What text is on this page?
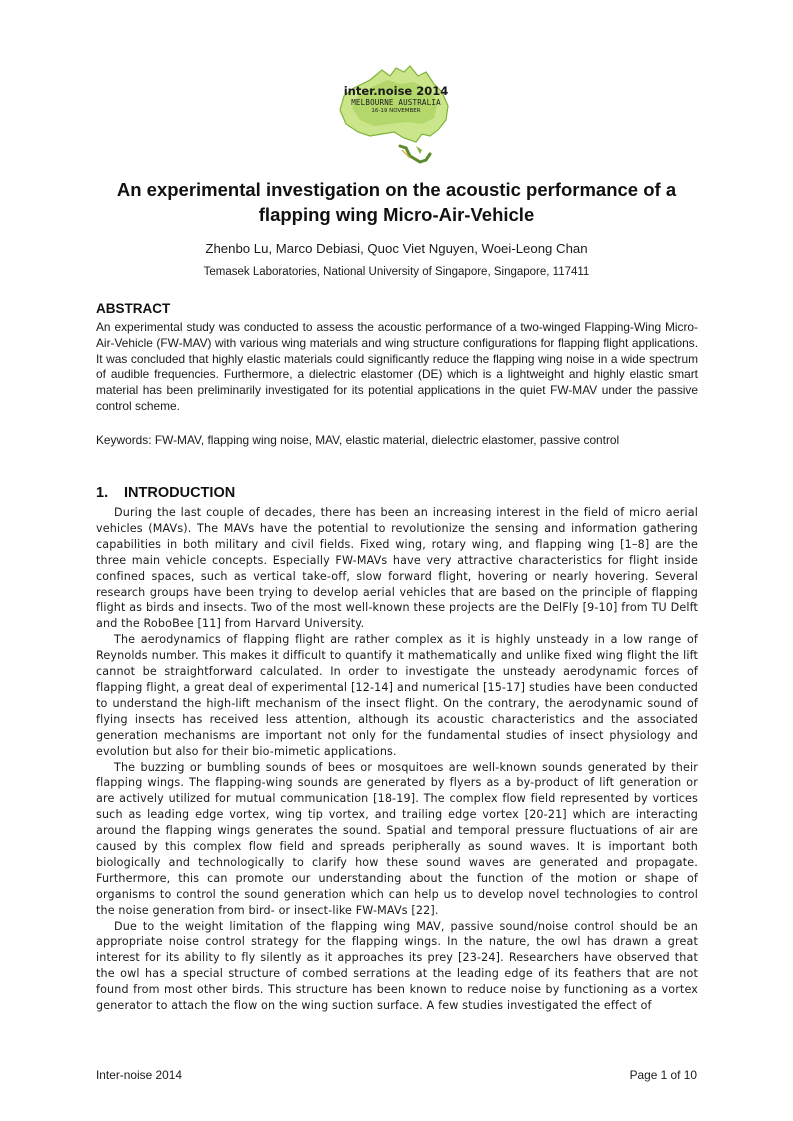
inter.noise 2014
MELBOURNE AUSTRALIA
16-19 NOVEMBER
An experimental investigation on the acoustic performance of a
flapping wing Micro-Air-Vehicle
Zhenbo Lu, Marco Debiasi, Quoc Viet Nguyen, Woei-Leong Chan
Temasek Laboratories, National University of Singapore, Singapore, 117411
ABSTRACT
An experimental study was conducted to assess the acoustic performance of a two-winged Flapping-Wing Micro-Air-Vehicle (FW-MAV) with various wing materials and wing structure configurations for flapping flight applications. It was concluded that highly elastic materials could significantly reduce the flapping wing noise in a wide spectrum of audible frequencies. Furthermore, a dielectric elastomer (DE) which is a lightweight and highly elastic smart material has been preliminarily investigated for its potential applications in the quiet FW-MAV under the passive control scheme.
Keywords: FW-MAV, flapping wing noise, MAV, elastic material, dielectric elastomer, passive control
1. INTRODUCTION

During the last couple of decades, there has been an increasing interest in the field of micro aerial vehicles (MAVs). The MAVs have the potential to revolutionize the sensing and information gathering capabilities in both military and civil fields. Fixed wing, rotary wing, and flapping wing [1–8] are the three main vehicle concepts. Especially FW-MAVs have very attractive characteristics for flight inside confined spaces, such as vertical take-off, slow forward flight, hovering or nearly hovering. Several research groups have been trying to develop aerial vehicles that are based on the principle of flapping flight as birds and insects. Two of the most well-known these projects are the DelFly [9-10] from TU Delft and the RoboBee [11] from Harvard University.

The aerodynamics of flapping flight are rather complex as it is highly unsteady in a low range of Reynolds number. This makes it difficult to quantify it mathematically and unlike fixed wing flight the lift cannot be straightforward calculated. In order to investigate the unsteady aerodynamic forces of flapping flight, a great deal of experimental [12-14] and numerical [15-17] studies have been conducted to understand the high-lift mechanism of the insect flight. On the contrary, the aerodynamic sound of flying insects has received less attention, although its acoustic characteristics and the associated generation mechanisms are important not only for the fundamental studies of insect physiology and evolution but also for their bio-mimetic applications.

The buzzing or bumbling sounds of bees or mosquitoes are well-known sounds generated by their flapping wings. The flapping-wing sounds are generated by flyers as a by-product of lift generation or are actively utilized for mutual communication [18-19]. The complex flow field represented by vortices such as leading edge vortex, wing tip vortex, and trailing edge vortex [20-21] which are interacting around the flapping wings generates the sound. Spatial and temporal pressure fluctuations of air are caused by this complex flow field and spreads peripherally as sound waves. It is important both biologically and technologically to clarify how these sound waves are generated and propagate. Furthermore, this can promote our understanding about the function of the motion or shape of organisms to control the sound generation which can help us to develop novel technologies to control the noise generation from bird- or insect-like FW-MAVs [22].

Due to the weight limitation of the flapping wing MAV, passive sound/noise control should be an appropriate noise control strategy for the flapping wings. In the nature, the owl has drawn a great interest for its ability to fly silently as it approaches its prey [23-24]. Researchers have observed that the owl has a special structure of combed serrations at the leading edge of its feathers that are not found from most other birds. This structure has been known to reduce noise by functioning as a vortex generator to attach the flow on the wing suction surface. A few studies investigated the effect of

Inter-noise 2014	Page 1 of 10
